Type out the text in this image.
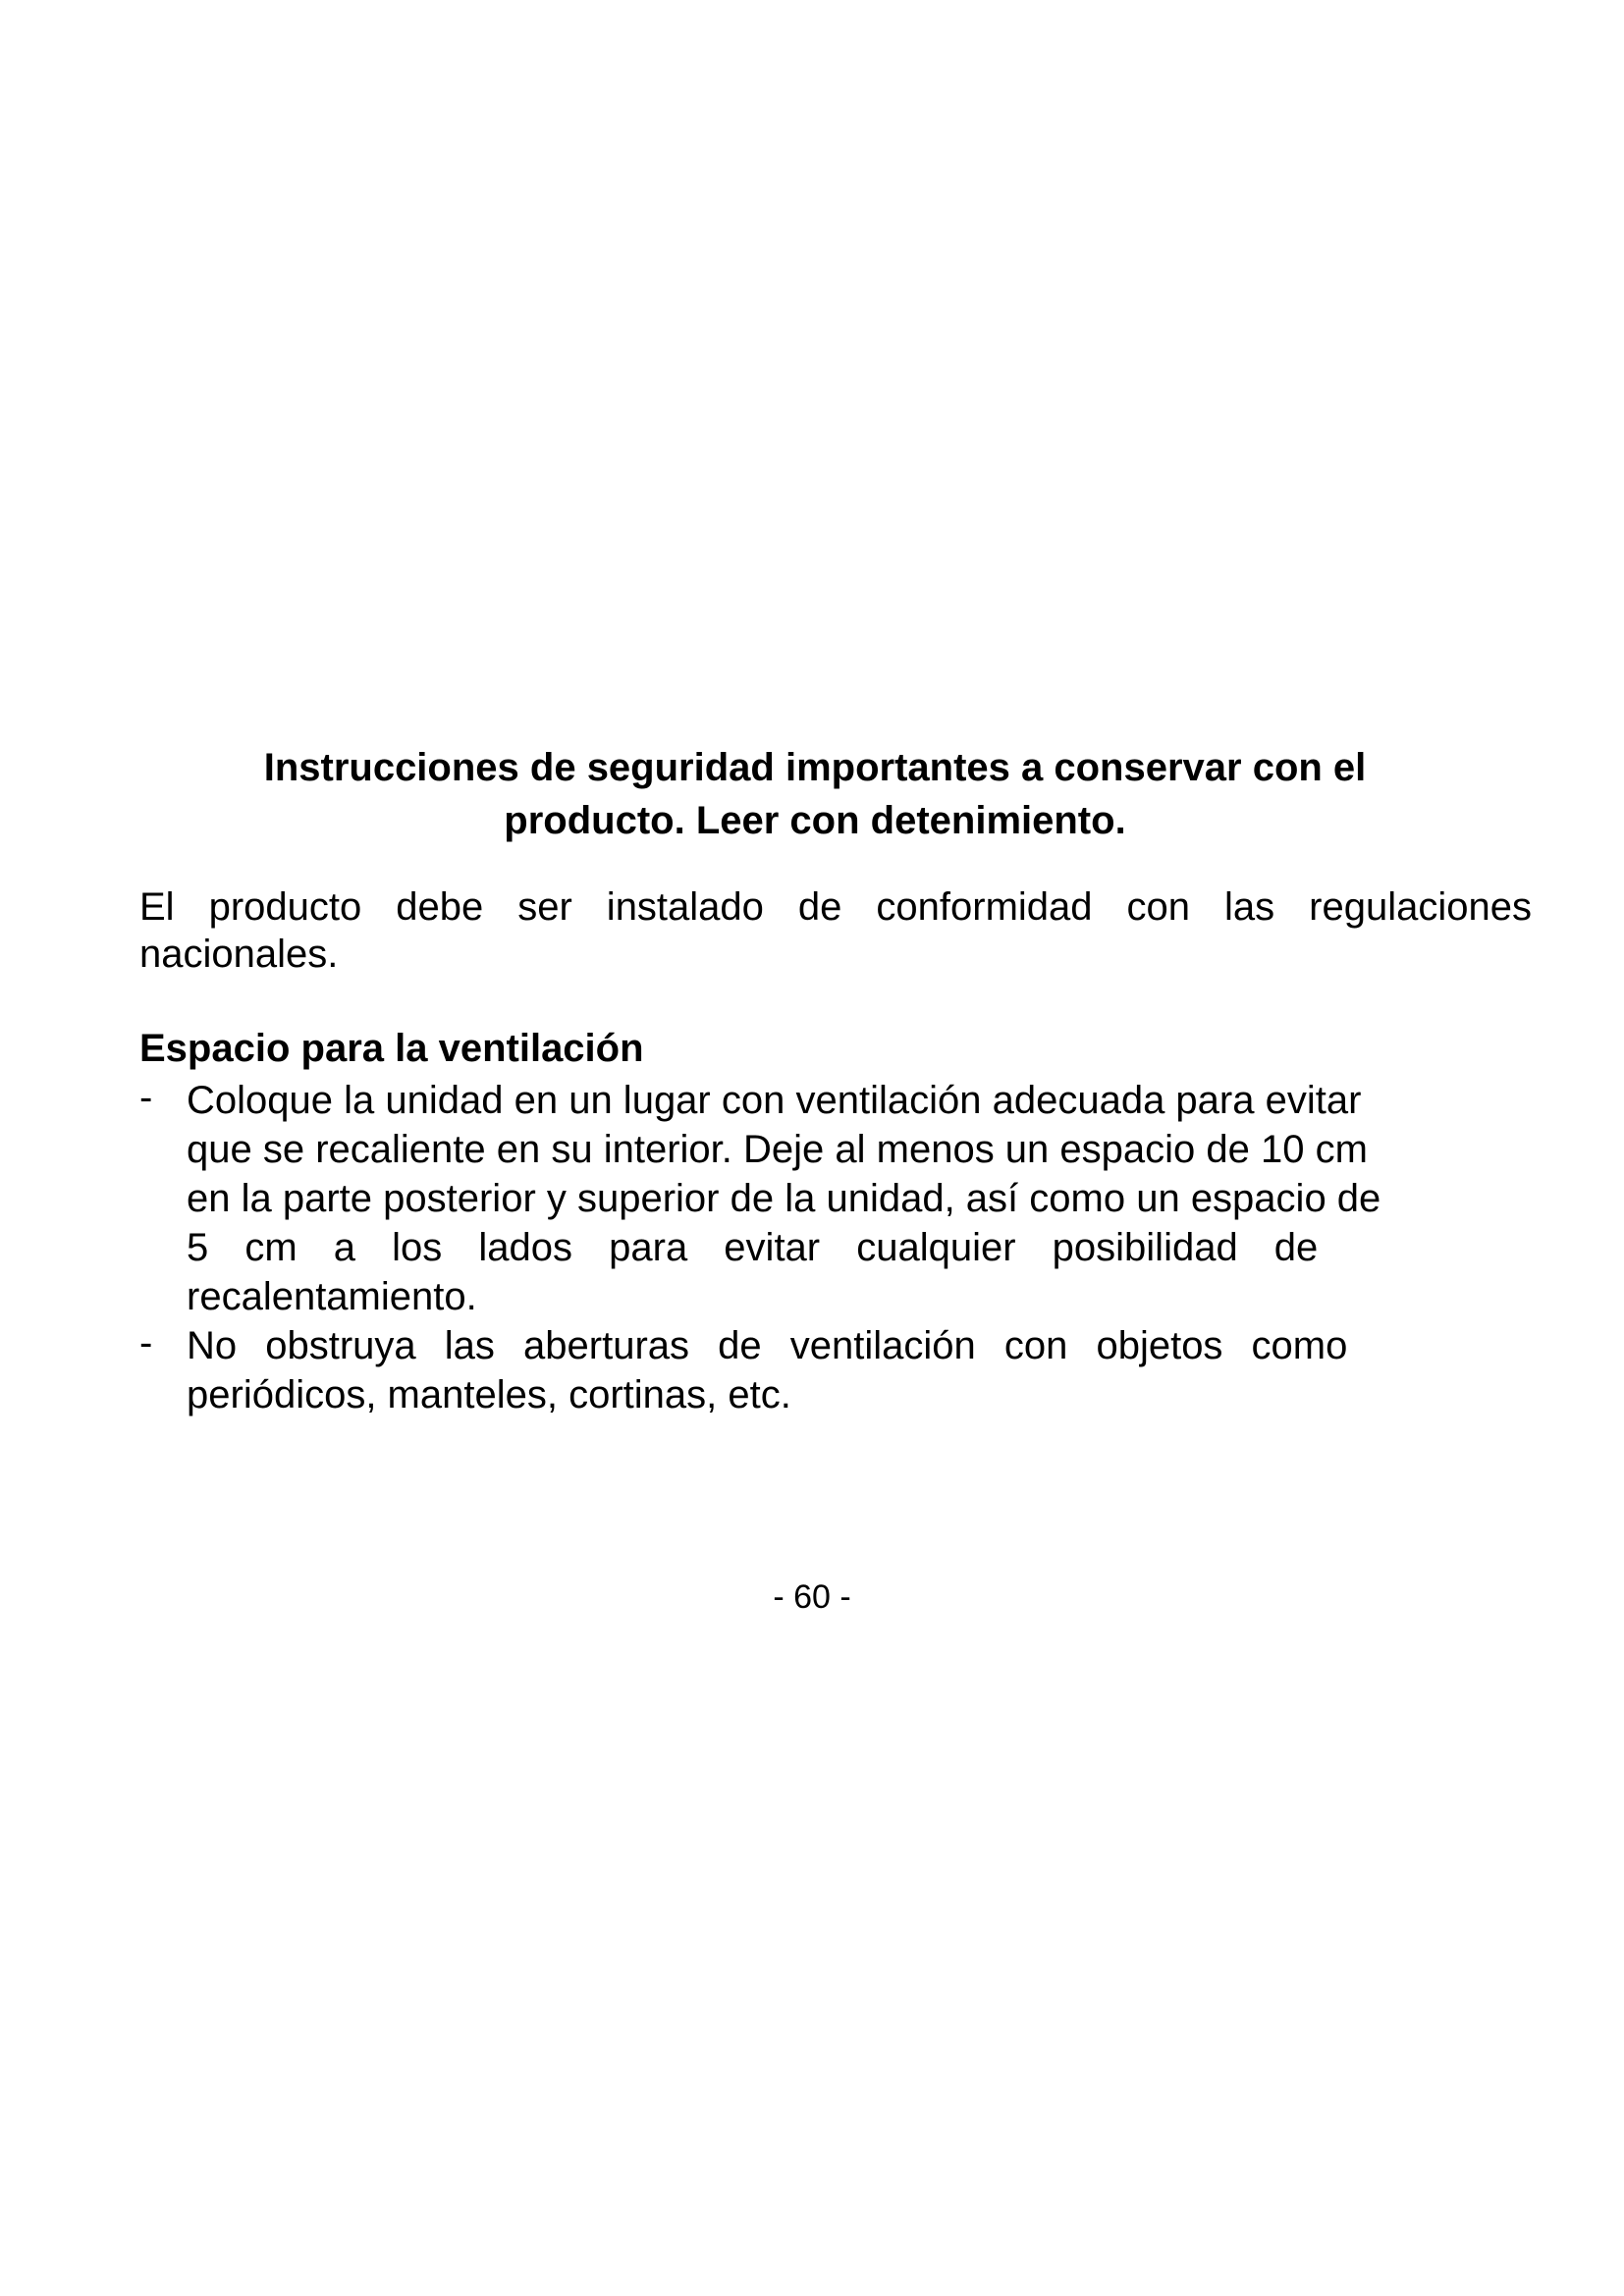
Instrucciones de seguridad importantes a conservar con el
producto. Leer con detenimiento.
El producto debe ser instalado de conformidad con las regulaciones
nacionales.
Espacio para la ventilación
- Coloque la unidad en un lugar con ventilación adecuada para evitar
que se recaliente en su interior. Deje al menos un espacio de 10 cm
en la parte posterior y superior de la unidad, así como un espacio de
5 cm a los lados para evitar cualquier posibilidad de
recalentamiento.
- No obstruya las aberturas de ventilación con objetos como
periódicos, manteles, cortinas, etc.
- 60 -
